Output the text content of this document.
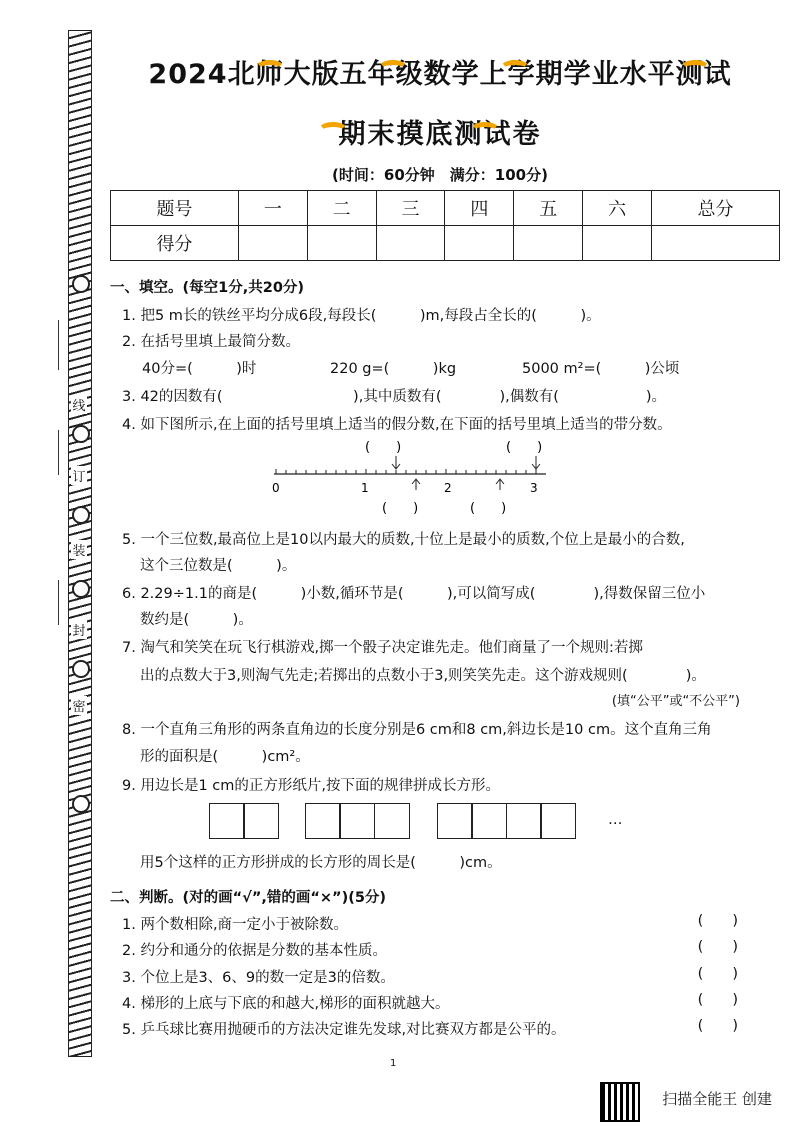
线
订
装
封
密
2024北师大版五年级数学上学期学业水平测试
期末摸底测试卷
(时间：60分钟　满分：100分)
题号	一	二	三	四	五	六	总分
得分							
一、填空。(每空1分,共20分)
1. 把5 m长的铁丝平均分成6段,每段长(　　　)m,每段占全长的(　　　)。
2. 在括号里填上最简分数。
40分=(　　　)时	220 g=(　　　)kg	5000 m²=(　　　)公顷
3. 42的因数有(　　　　　　　　　),其中质数有(　　　　),偶数有(　　　　　　)。
4. 如下图所示,在上面的括号里填上适当的假分数,在下面的括号里填上适当的带分数。
0	1	2	3
(　　)	(　　)
(　　)	(　　)
5. 一个三位数,最高位上是10以内最大的质数,十位上是最小的质数,个位上是最小的合数,
这个三位数是(　　　)。
6. 2.29÷1.1的商是(　　　)小数,循环节是(　　　),可以简写成(　　　　),得数保留三位小
数约是(　　　)。
7. 淘气和笑笑在玩飞行棋游戏,掷一个骰子决定谁先走。他们商量了一个规则:若掷
出的点数大于3,则淘气先走;若掷出的点数小于3,则笑笑先走。这个游戏规则(　　　　)。
(填“公平”或“不公平”)
8. 一个直角三角形的两条直角边的长度分别是6 cm和8 cm,斜边长是10 cm。这个直角三角
形的面积是(　　　)cm²。
9. 用边长是1 cm的正方形纸片,按下面的规律拼成长方形。
…
用5个这样的正方形拼成的长方形的周长是(　　　)cm。
二、判断。(对的画“√”,错的画“×”)(5分)
1. 两个数相除,商一定小于被除数。	(　　)
2. 约分和通分的依据是分数的基本性质。	(　　)
3. 个位上是3、6、9的数一定是3的倍数。	(　　)
4. 梯形的上底与下底的和越大,梯形的面积就越大。	(　　)
5. 乒乓球比赛用抛硬币的方法决定谁先发球,对比赛双方都是公平的。	(　　)
1
扫描全能王 创建
